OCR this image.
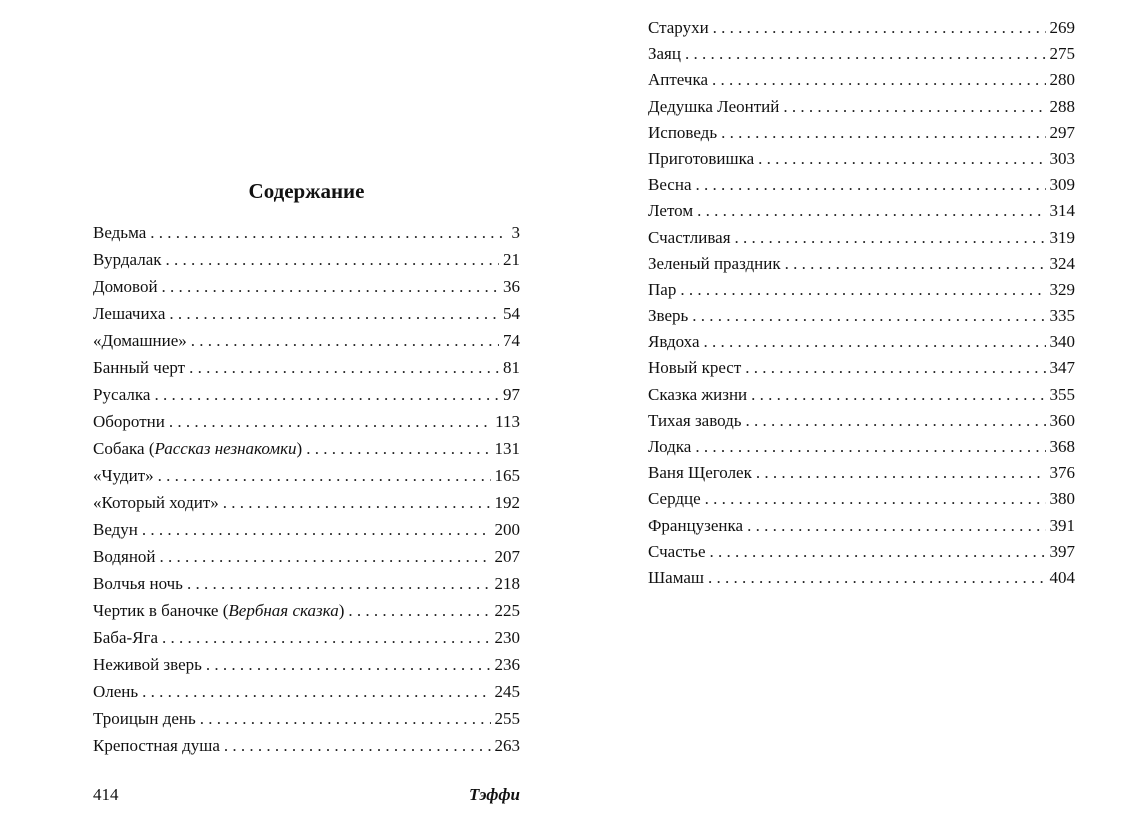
Содержание
Ведьма . . .	3
Вурдалак . . .	21
Домовой . . .	36
Лешачиха . . .	54
«Домашние» . . .	74
Банный черт . . .	81
Русалка . . .	97
Оборотни . . .	113
Собака (Рассказ незнакомки) . . .	131
«Чудит» . . .	165
«Который ходит» . . .	192
Ведун . . .	200
Водяной . . .	207
Волчья ночь . . .	218
Чертик в баночке (Вербная сказка) . . .	225
Баба-Яга . . .	230
Неживой зверь . . .	236
Олень . . .	245
Троицын день . . .	255
Крепостная душа . . .	263
414	Тэффи
Старухи . . .	269
Заяц . . .	275
Аптечка . . .	280
Дедушка Леонтий . . .	288
Исповедь . . .	297
Приготовишка . . .	303
Весна . . .	309
Летом . . .	314
Счастливая . . .	319
Зеленый праздник . . .	324
Пар . . .	329
Зверь . . .	335
Явдоха . . .	340
Новый крест . . .	347
Сказка жизни . . .	355
Тихая заводь . . .	360
Лодка . . .	368
Ваня Щеголек . . .	376
Сердце . . .	380
Французенка . . .	391
Счастье . . .	397
Шамаш . . .	404
